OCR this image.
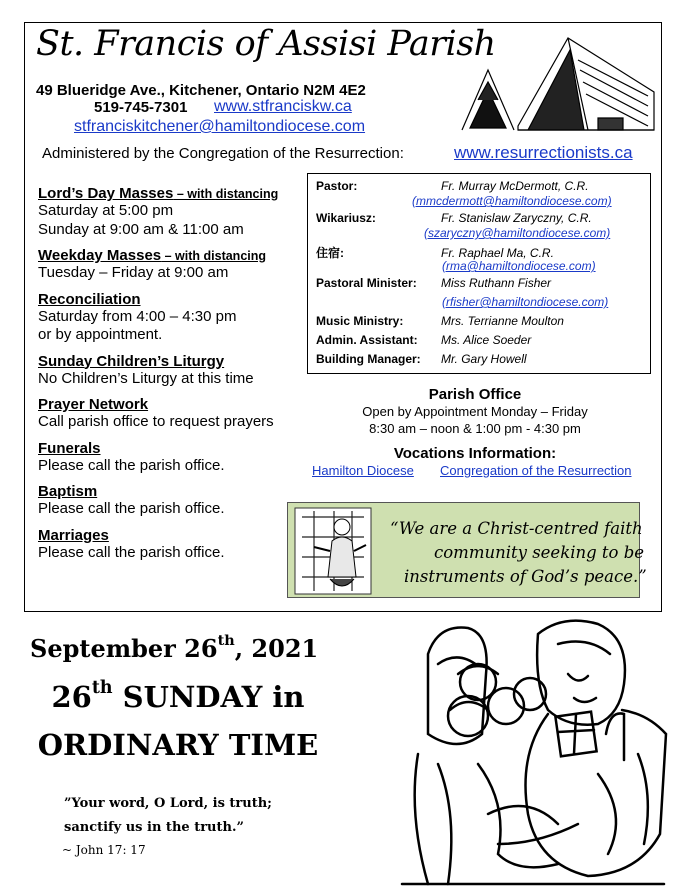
St. Francis of Assisi Parish
49 Blueridge Ave., Kitchener, Ontario N2M 4E2
519-745-7301 www.stfranciskw.ca
stfranciskitchener@hamiltondiocese.com
Administered by the Congregation of the Resurrection:	www.resurrectionists.ca
Lord’s Day Masses – with distancing
Saturday at 5:00 pm
Sunday at 9:00 am & 11:00 am
Weekday Masses – with distancing
Tuesday – Friday at 9:00 am
Reconciliation
Saturday from 4:00 – 4:30 pm
or by appointment.
Sunday Children’s Liturgy
No Children’s Liturgy at this time
Prayer Network
Call parish office to request prayers
Funerals
Please call the parish office.
Baptism
Please call the parish office.
Marriages
Please call the parish office.
Pastor:	Fr. Murray McDermott, C.R.
(mmcdermott@hamiltondiocese.com)
Wikariusz:	Fr. Stanislaw Zaryczny, C.R.
(szaryczny@hamiltondiocese.com)
住宿:	Fr. Raphael Ma, C.R.
(rma@hamiltondiocese.com)
Pastoral Minister: Miss Ruthann Fisher
(rfisher@hamiltondiocese.com)
Music Ministry:	Mrs. Terrianne Moulton
Admin. Assistant: Ms. Alice Soeder
Building Manager: Mr. Gary Howell
Parish Office
Open by Appointment Monday – Friday
8:30 am – noon & 1:00 pm - 4:30 pm
Vocations Information:
Hamilton Diocese Congregation of the Resurrection
“We are a Christ-centred faith
community seeking to be
instruments of God’s peace.”
September 26th, 2021
26th SUNDAY in
ORDINARY TIME
”Your word, O Lord, is truth;
sanctify us in the truth.”
~ John 17: 17
